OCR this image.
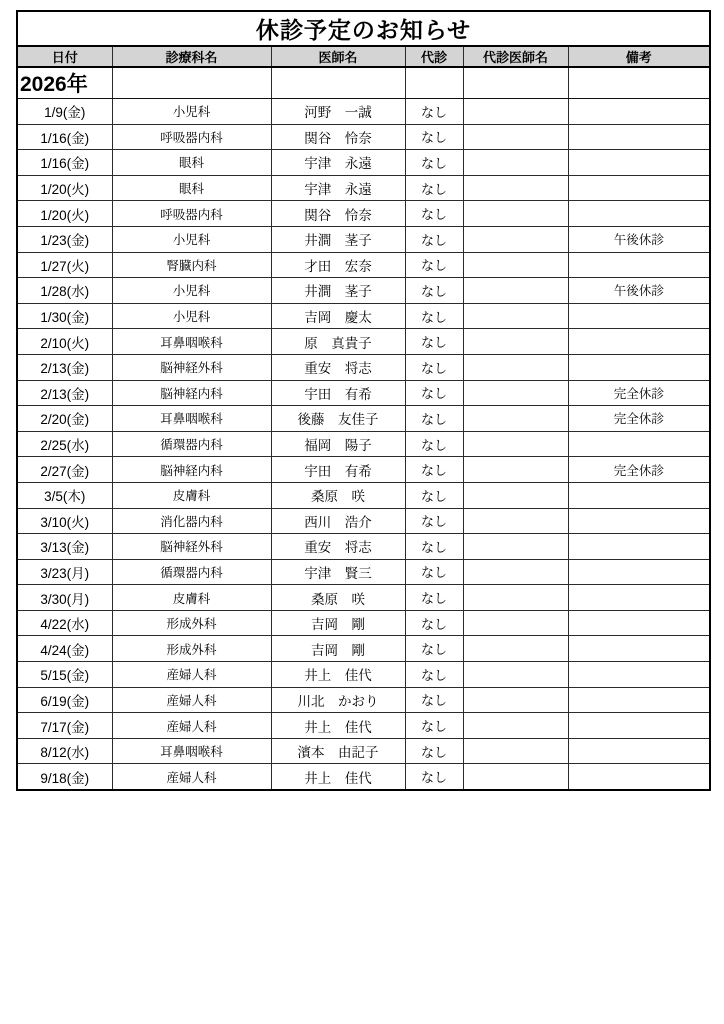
休診予定のお知らせ					
日付	診療科名	医師名	代診	代診医師名	備考
2026年					
1/9(金)	小児科	河野　一誠	なし		
1/16(金)	呼吸器内科	関谷　怜奈	なし		
1/16(金)	眼科	宇津　永遠	なし		
1/20(火)	眼科	宇津　永遠	なし		
1/20(火)	呼吸器内科	関谷　怜奈	なし		
1/23(金)	小児科	井澗　茎子	なし		午後休診
1/27(火)	腎臓内科	才田　宏奈	なし		
1/28(水)	小児科	井澗　茎子	なし		午後休診
1/30(金)	小児科	吉岡　慶太	なし		
2/10(火)	耳鼻咽喉科	原　真貴子	なし		
2/13(金)	脳神経外科	重安　将志	なし		
2/13(金)	脳神経内科	宇田　有希	なし		完全休診
2/20(金)	耳鼻咽喉科	後藤　友佳子	なし		完全休診
2/25(水)	循環器内科	福岡　陽子	なし		
2/27(金)	脳神経内科	宇田　有希	なし		完全休診
3/5(木)	皮膚科	桑原　咲	なし		
3/10(火)	消化器内科	西川　浩介	なし		
3/13(金)	脳神経外科	重安　将志	なし		
3/23(月)	循環器内科	宇津　賢三	なし		
3/30(月)	皮膚科	桑原　咲	なし		
4/22(水)	形成外科	吉岡　剛	なし		
4/24(金)	形成外科	吉岡　剛	なし		
5/15(金)	産婦人科	井上　佳代	なし		
6/19(金)	産婦人科	川北　かおり	なし		
7/17(金)	産婦人科	井上　佳代	なし		
8/12(水)	耳鼻咽喉科	濱本　由記子	なし		
9/18(金)	産婦人科	井上　佳代	なし		
